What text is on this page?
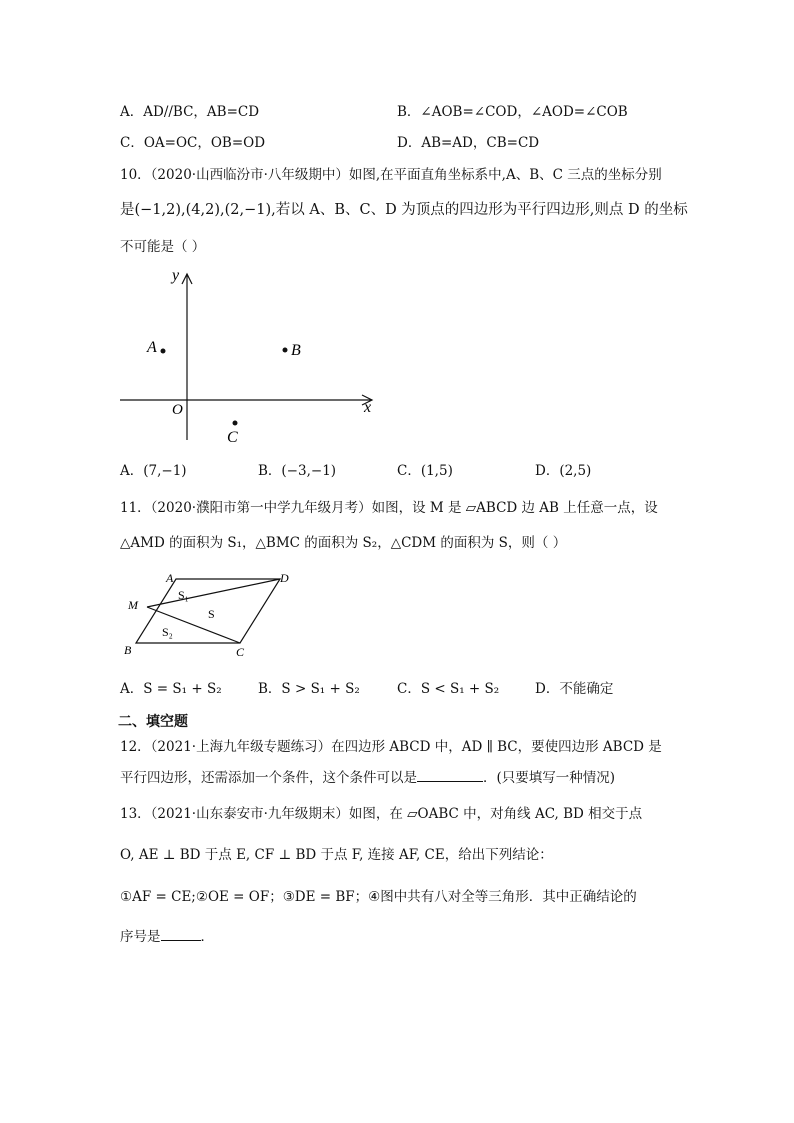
A．AD//BC，AB=CD	B．∠AOB=∠COD，∠AOD=∠COB
C．OA=OC，OB=OD	D．AB=AD，CB=CD
10．（2020·山西临汾市·八年级期中）如图,在平面直角坐标系中,A、B、C 三点的坐标分别
是(−1,2),(4,2),(2,−1),若以 A、B、C、D 为顶点的四边形为平行四边形,则点 D 的坐标
不可能是（ ）
y
x
O
A	B
C
A．(7,−1)	B．(−3,−1)	C．(1,5)	D．(2,5)
11．（2020·濮阳市第一中学九年级月考）如图，设 M 是 ▱ABCD 边 AB 上任意一点，设
△AMD 的面积为 S₁，△BMC 的面积为 S₂，△CDM 的面积为 S，则（ ）
A	D
M
B	C
S₁
S
S₂
A．S = S₁ + S₂	B．S > S₁ + S₂	C．S < S₁ + S₂	D．不能确定
二、填空题
12．（2021·上海九年级专题练习）在四边形 ABCD 中，AD ∥ BC，要使四边形 ABCD 是
平行四边形，还需添加一个条件，这个条件可以是	．(只要填写一种情况)
13．（2021·山东泰安市·九年级期末）如图，在 ▱OABC 中，对角线 AC, BD 相交于点
O, AE ⊥ BD 于点 E, CF ⊥ BD 于点 F, 连接 AF, CE，给出下列结论：
①AF = CE;②OE = OF；③DE = BF；④图中共有八对全等三角形．其中正确结论的
序号是	．
